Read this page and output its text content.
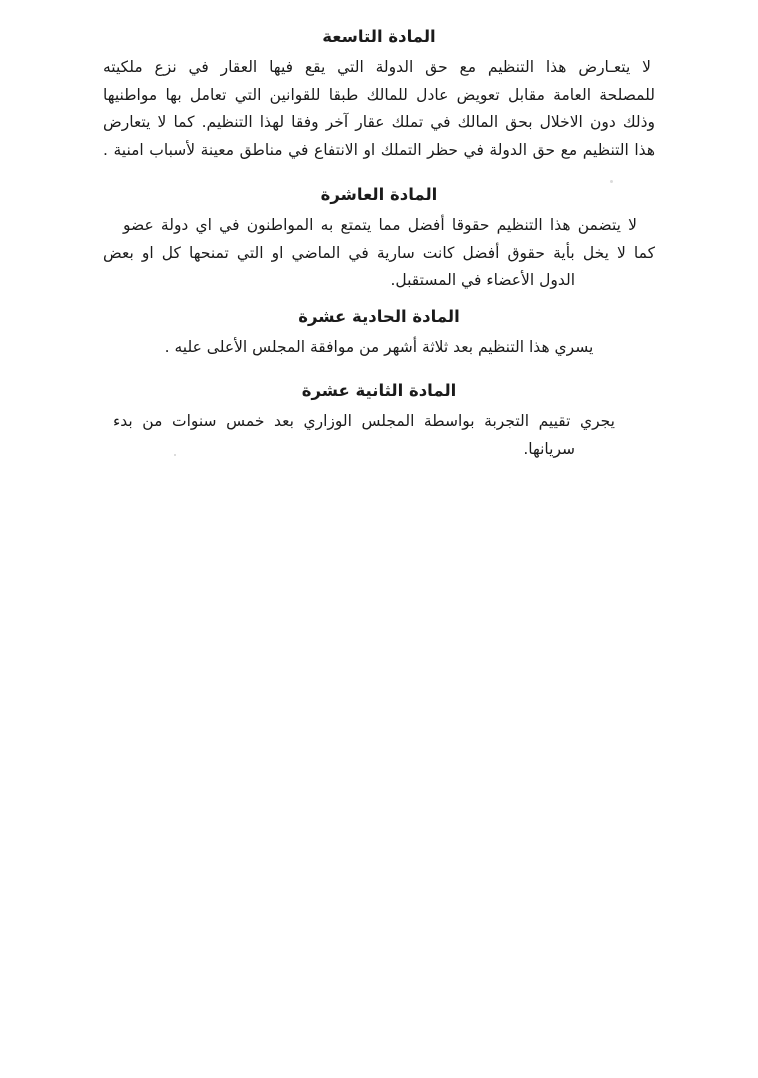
المادة التاسعة
لا يتعـارض هذا التنظيم مع حق الدولة التي يقع فيها العقار في نزع ملكيته
للمصلحة العامة مقابل تعويض عادل للمالك طبقا للقوانين التي تعامل بها مواطنيها
وذلك دون الاخلال بحق المالك في تملك عقار آخر وفقا لهذا التنظيم. كما لا يتعارض
هذا التنظيم مع حق الدولة في حظر التملك او الانتفاع في مناطق معينة لأسباب امنية .
المادة العاشرة
لا يتضمن هذا التنظيم حقوقا أفضل مما يتمتع به المواطنون في اي دولة عضو
كما لا يخل بأية حقوق أفضل كانت سارية في الماضي او التي تمنحها كل او بعض
الدول الأعضاء في المستقبل.
المادة الحادية عشرة
يسري هذا التنظيم بعد ثلاثة أشهر من موافقة المجلس الأعلى عليه .
المادة الثانية عشرة
يجري تقييم التجربة بواسطة المجلس الوزاري بعد خمس سنوات من بدء
سريانها.
